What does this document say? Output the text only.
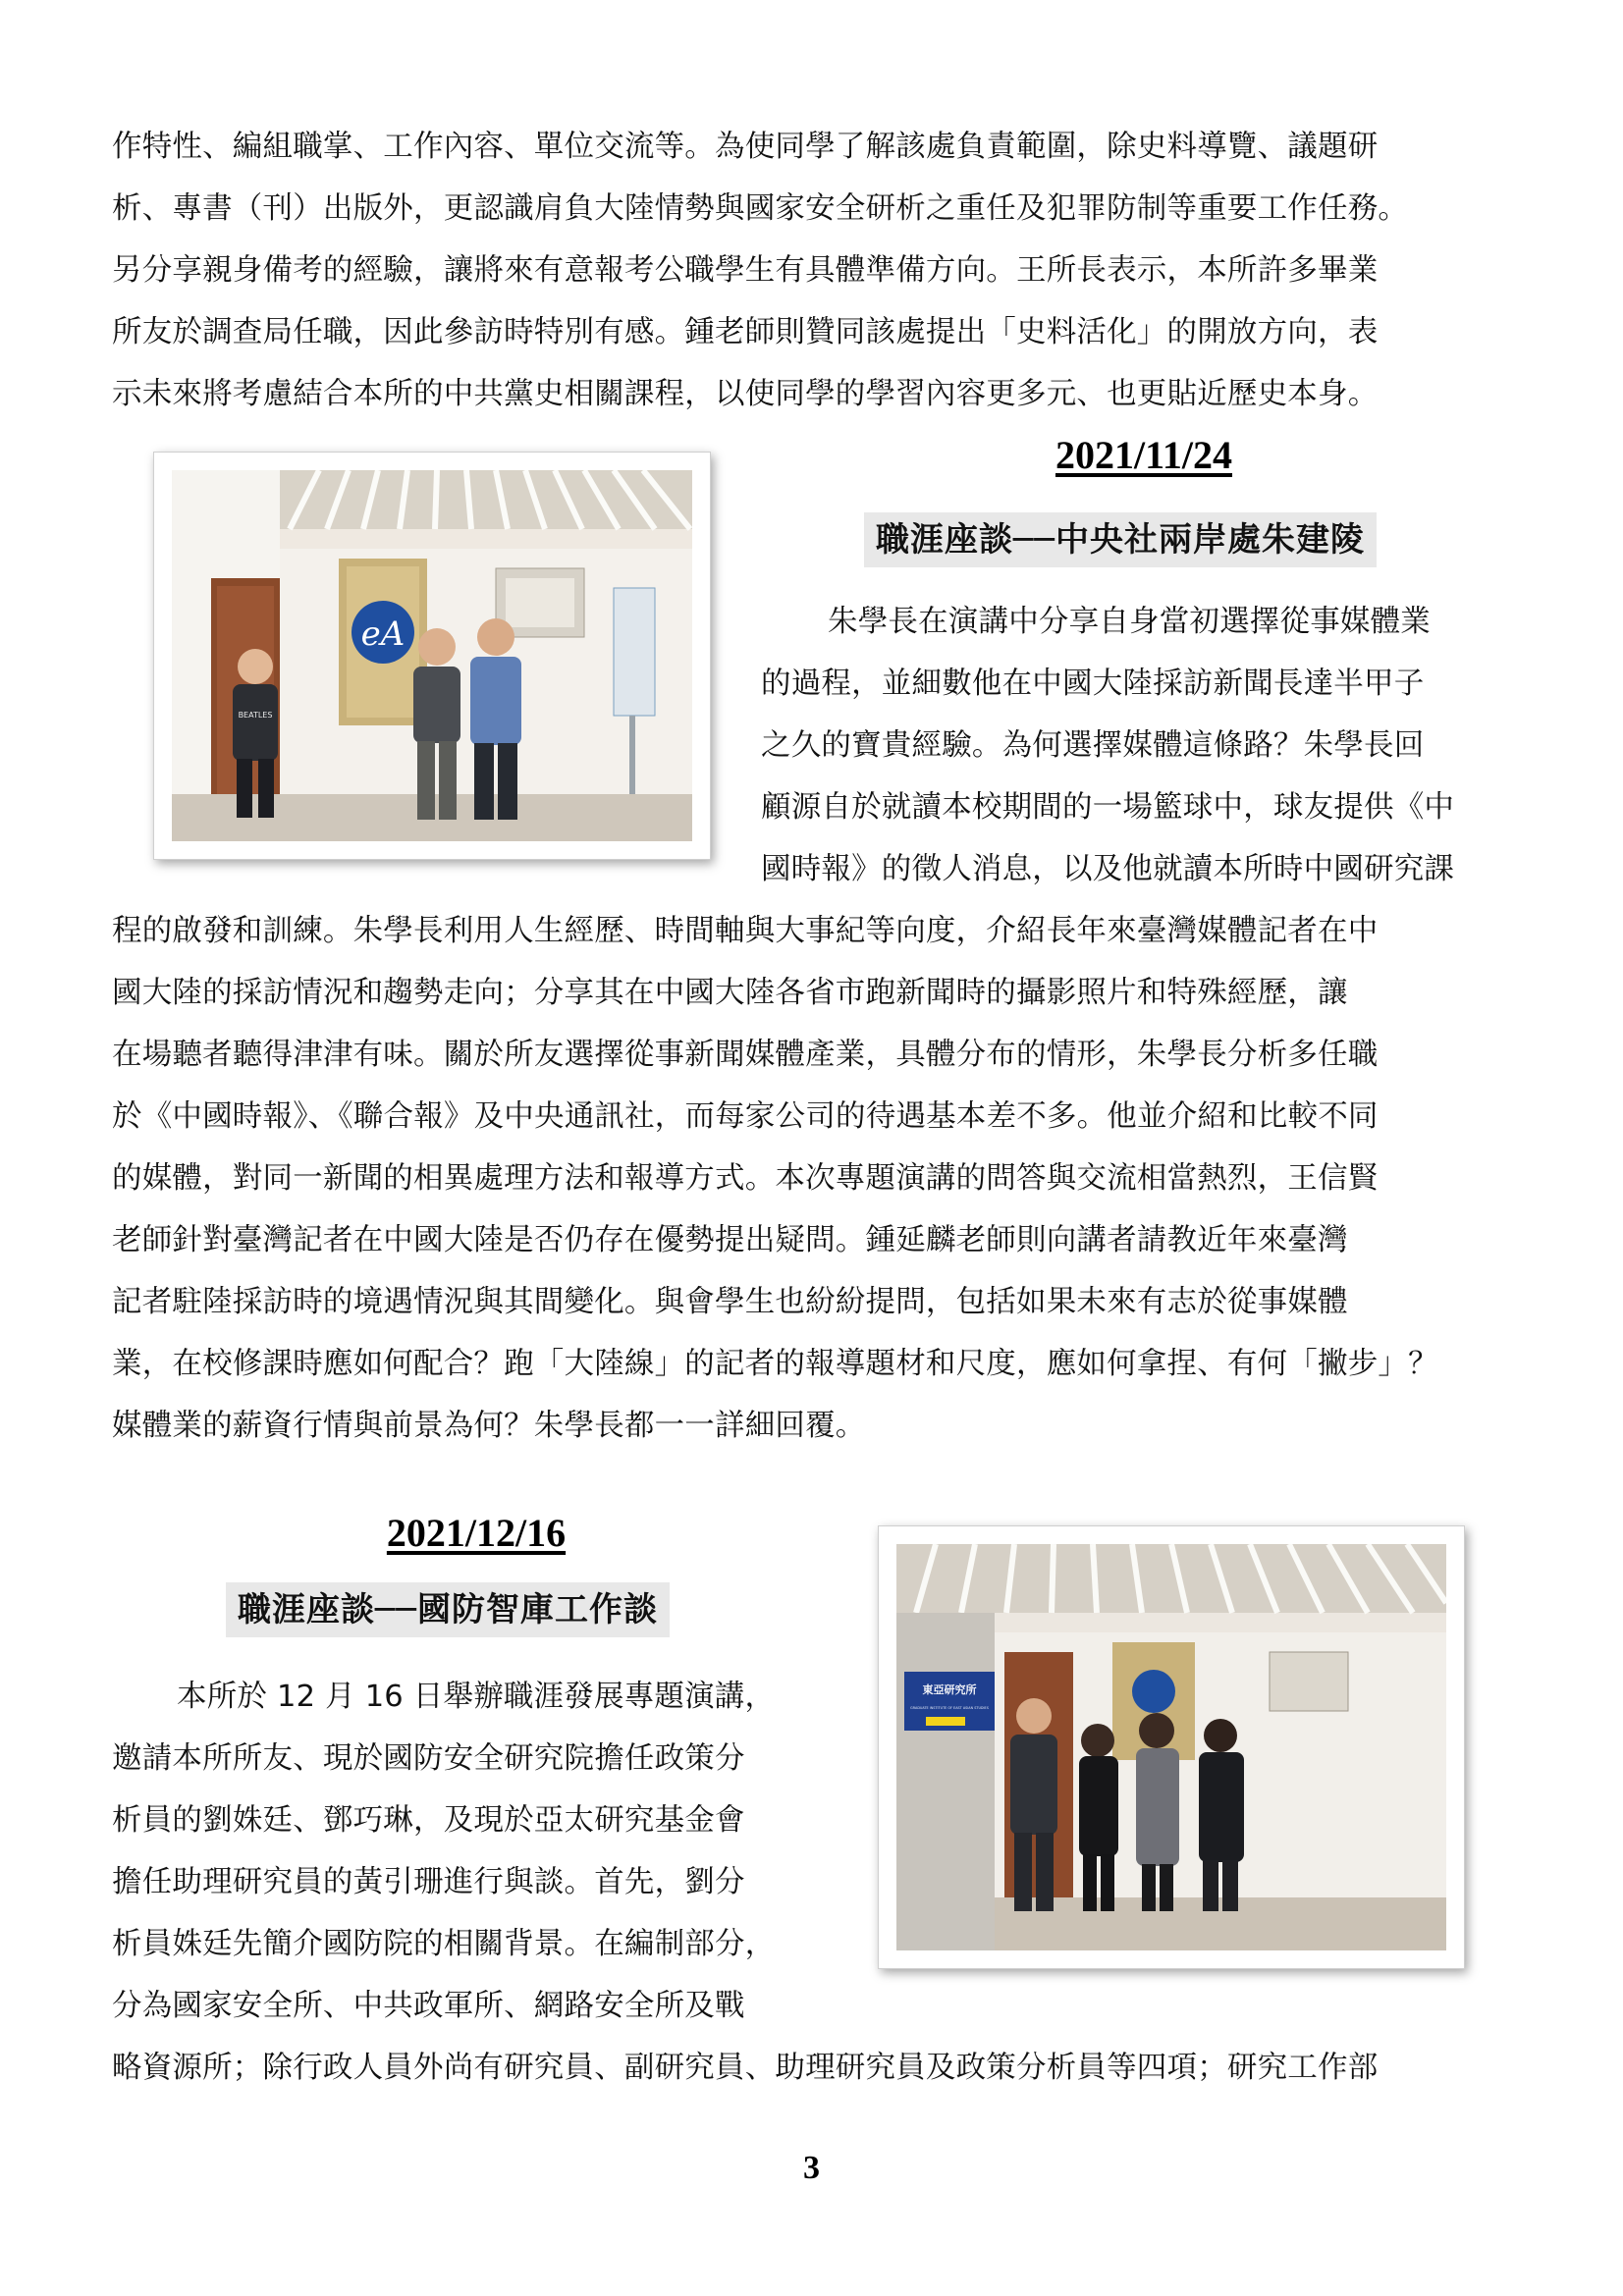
作特性、編組職掌、工作內容、單位交流等。為使同學了解該處負責範圍，除史料導覽、議題研
析、專書（刊）出版外，更認識肩負大陸情勢與國家安全研析之重任及犯罪防制等重要工作任務。
另分享親身備考的經驗，讓將來有意報考公職學生有具體準備方向。王所長表示，本所許多畢業
所友於調查局任職，因此參訪時特別有感。鍾老師則贊同該處提出「史料活化」的開放方向，表
示未來將考慮結合本所的中共黨史相關課程，以使同學的學習內容更多元、也更貼近歷史本身。
eA
BEATLES
2021/11/24
職涯座談──中央社兩岸處朱建陵
朱學長在演講中分享自身當初選擇從事媒體業
的過程，並細數他在中國大陸採訪新聞長達半甲子
之久的寶貴經驗。為何選擇媒體這條路？朱學長回
顧源自於就讀本校期間的一場籃球中，球友提供《中
國時報》的徵人消息，以及他就讀本所時中國研究課
程的啟發和訓練。朱學長利用人生經歷、時間軸與大事紀等向度，介紹長年來臺灣媒體記者在中
國大陸的採訪情況和趨勢走向；分享其在中國大陸各省市跑新聞時的攝影照片和特殊經歷，讓
在場聽者聽得津津有味。關於所友選擇從事新聞媒體產業，具體分布的情形，朱學長分析多任職
於《中國時報》、《聯合報》及中央通訊社，而每家公司的待遇基本差不多。他並介紹和比較不同
的媒體，對同一新聞的相異處理方法和報導方式。本次專題演講的問答與交流相當熱烈，王信賢
老師針對臺灣記者在中國大陸是否仍存在優勢提出疑問。鍾延麟老師則向講者請教近年來臺灣
記者駐陸採訪時的境遇情況與其間變化。與會學生也紛紛提問，包括如果未來有志於從事媒體
業，在校修課時應如何配合？跑「大陸線」的記者的報導題材和尺度，應如何拿捏、有何「撇步」？
媒體業的薪資行情與前景為何？朱學長都一一詳細回覆。
2021/12/16
職涯座談──國防智庫工作談
東亞研究所
GRADUATE INSTITUTE OF EAST ASIAN STUDIES
本所於 12 月 16 日舉辦職涯發展專題演講，
邀請本所所友、現於國防安全研究院擔任政策分
析員的劉姝廷、鄧巧琳，及現於亞太研究基金會
擔任助理研究員的黃引珊進行與談。首先，劉分
析員姝廷先簡介國防院的相關背景。在編制部分，
分為國家安全所、中共政軍所、網路安全所及戰
略資源所；除行政人員外尚有研究員、副研究員、助理研究員及政策分析員等四項；研究工作部
3
